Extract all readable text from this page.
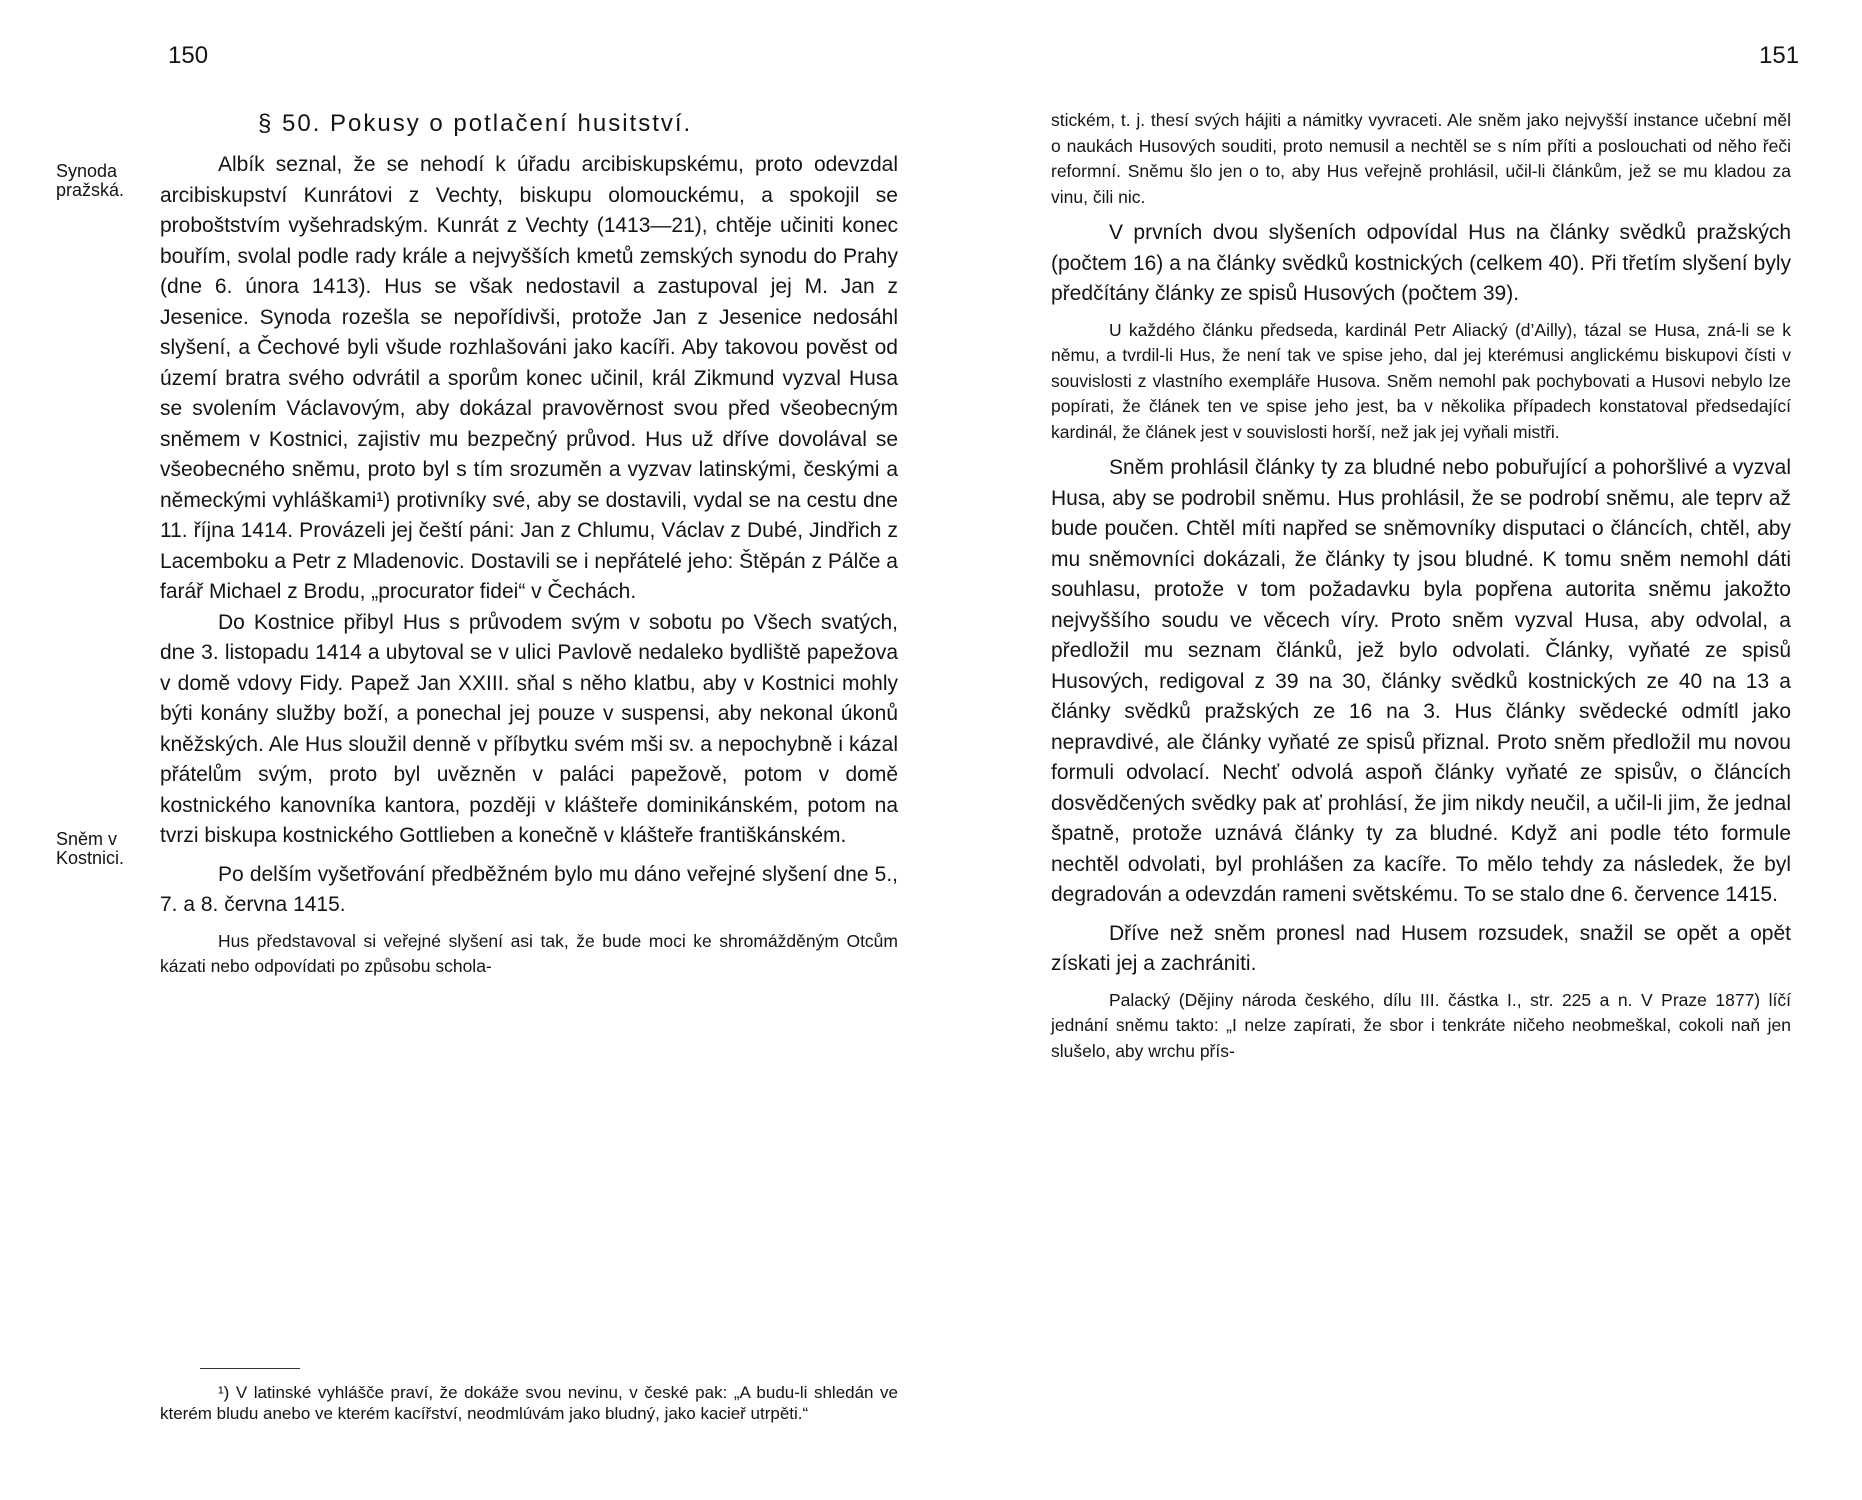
150
§ 50. Pokusy o potlačení husitství.
Synoda pražská.
Sněm v Kostnici.

Albík seznal, že se nehodí k úřadu arcibiskupskému, proto odevzdal arcibiskupství Kunrátovi z Vechty, biskupu olomouckému, a spokojil se proboštstvím vyšehradským. Kunrát z Vechty (1413—21), chtěje učiniti konec bouřím, svolal podle rady krále a nejvyšších kmetů zemských synodu do Prahy (dne 6. února 1413). Hus se však nedostavil a zastupoval jej M. Jan z Jesenice. Synoda rozešla se nepořídivši, protože Jan z Jesenice nedosáhl slyšení, a Čechové byli všude rozhlašováni jako kacíři. Aby takovou pověst od území bratra svého odvrátil a sporům konec učinil, král Zikmund vyzval Husa se svolením Václavovým, aby dokázal pravověrnost svou před všeobecným sněmem v Kostnici, zajistiv mu bezpečný průvod. Hus už dříve dovolával se všeobecného sněmu, proto byl s tím srozuměn a vyzvav latinskými, českými a německými vyhláškami¹) protivníky své, aby se dostavili, vydal se na cestu dne 11. října 1414. Provázeli jej čeští páni: Jan z Chlumu, Václav z Dubé, Jindřich z Lacemboku a Petr z Mladenovic. Dostavili se i nepřátelé jeho: Štěpán z Pálče a farář Michael z Brodu, „procurator fidei“ v Čechách.

Do Kostnice přibyl Hus s průvodem svým v sobotu po Všech svatých, dne 3. listopadu 1414 a ubytoval se v ulici Pavlově nedaleko bydliště papežova v domě vdovy Fidy. Papež Jan XXIII. sňal s něho klatbu, aby v Kostnici mohly býti konány služby boží, a ponechal jej pouze v suspensi, aby nekonal úkonů kněžských. Ale Hus sloužil denně v příbytku svém mši sv. a nepochybně i kázal přátelům svým, proto byl uvězněn v paláci papežově, potom v domě kostnického kanovníka kantora, později v klášteře dominikánském, potom na tvrzi biskupa kostnického Gottlieben a konečně v klášteře františkánském.

Po delším vyšetřování předběžném bylo mu dáno veřejné slyšení dne 5., 7. a 8. června 1415.

Hus představoval si veřejné slyšení asi tak, že bude moci ke shromážděným Otcům kázati nebo odpovídati po způsobu schola-

¹) V latinské vyhlášče praví, že dokáže svou nevinu, v české pak: „A budu-li shledán ve kterém bludu anebo ve kterém kacířství, neodmlúvám jako bludný, jako kacieř utrpěti.“

151

stickém, t. j. thesí svých hájiti a námitky vyvraceti. Ale sněm jako nejvyšší instance učební měl o naukách Husových souditi, proto nemusil a nechtěl se s ním příti a poslouchati od něho řeči reformní. Sněmu šlo jen o to, aby Hus veřejně prohlásil, učil-li článkům, jež se mu kladou za vinu, čili nic.

V prvních dvou slyšeních odpovídal Hus na články svědků pražských (počtem 16) a na články svědků kostnických (celkem 40). Při třetím slyšení byly předčítány články ze spisů Husových (počtem 39).

U každého článku předseda, kardinál Petr Aliacký (d’Ailly), tázal se Husa, zná-li se k němu, a tvrdil-li Hus, že není tak ve spise jeho, dal jej kterémusi anglickému biskupovi čísti v souvislosti z vlastního exempláře Husova. Sněm nemohl pak pochybovati a Husovi nebylo lze popírati, že článek ten ve spise jeho jest, ba v několika případech konstatoval předsedající kardinál, že článek jest v souvislosti horší, než jak jej vyňali mistři.

Sněm prohlásil články ty za bludné nebo pobuřující a pohoršlivé a vyzval Husa, aby se podrobil sněmu. Hus prohlásil, že se podrobí sněmu, ale teprv až bude poučen. Chtěl míti napřed se sněmovníky disputaci o článcích, chtěl, aby mu sněmovníci dokázali, že články ty jsou bludné. K tomu sněm nemohl dáti souhlasu, protože v tom požadavku byla popřena autorita sněmu jakožto nejvyššího soudu ve věcech víry. Proto sněm vyzval Husa, aby odvolal, a předložil mu seznam článků, jež bylo odvolati. Články, vyňaté ze spisů Husových, redigoval z 39 na 30, články svědků kostnických ze 40 na 13 a články svědků pražských ze 16 na 3. Hus články svědecké odmítl jako nepravdivé, ale články vyňaté ze spisů přiznal. Proto sněm předložil mu novou formuli odvolací. Nechť odvolá aspoň články vyňaté ze spisův, o článcích dosvědčených svědky pak ať prohlásí, že jim nikdy neučil, a učil-li jim, že jednal špatně, protože uznává články ty za bludné. Když ani podle této formule nechtěl odvolati, byl prohlášen za kacíře. To mělo tehdy za následek, že byl degradován a odevzdán rameni světskému. To se stalo dne 6. července 1415.

Dříve než sněm pronesl nad Husem rozsudek, snažil se opět a opět získati jej a zachrániti.

Palacký (Dějiny národa českého, dílu III. částka I., str. 225 a n. V Praze 1877) líčí jednání sněmu takto: „I nelze zapírati, že sbor i tenkráte ničeho neobmeškal, cokoli naň jen slušelo, aby wrchu přís-
